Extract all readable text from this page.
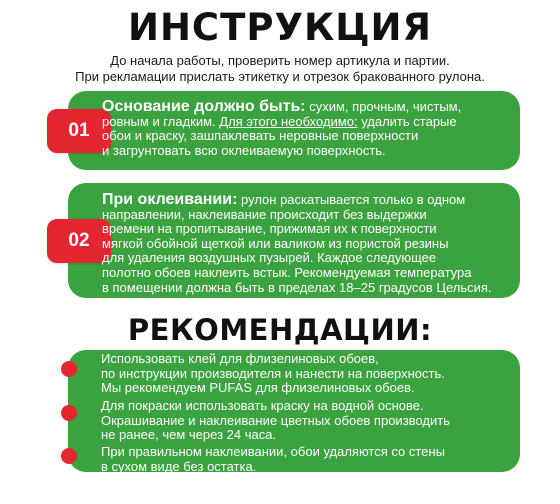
ИНСТРУКЦИЯ
До начала работы, проверить номер артикула и партии.
При рекламации прислать этикетку и отрезок бракованного рулона.
01
Основание должно быть: сухим, прочным, чистым,
ровным и гладким. Для этого необходимо: удалить старые
обои и краску, зашпаклевать неровные поверхности
и загрунтовать всю оклеиваемую поверхность.
02
При оклеивании: рулон раскатывается только в одном
направлении, наклеивание происходит без выдержки
времени на пропитывание, прижимая их к поверхности
мягкой обойной щеткой или валиком из пористой резины
для удаления воздушных пузырей. Каждое следующее
полотно обоев наклеить встык. Рекомендуемая температура
в помещении должна быть в пределах 18–25 градусов Цельсия.
РЕКОМЕНДАЦИИ:
Использовать клей для флизелиновых обоев,
по инструкции производителя и нанести на поверхность.
Мы рекомендуем PUFAS для флизелиновых обоев.
Для покраски использовать краску на водной основе.
Окрашивание и наклеивание цветных обоев производить
не ранее, чем через 24 часа.
При правильном наклеивании, обои удаляются со стены
в сухом виде без остатка.
